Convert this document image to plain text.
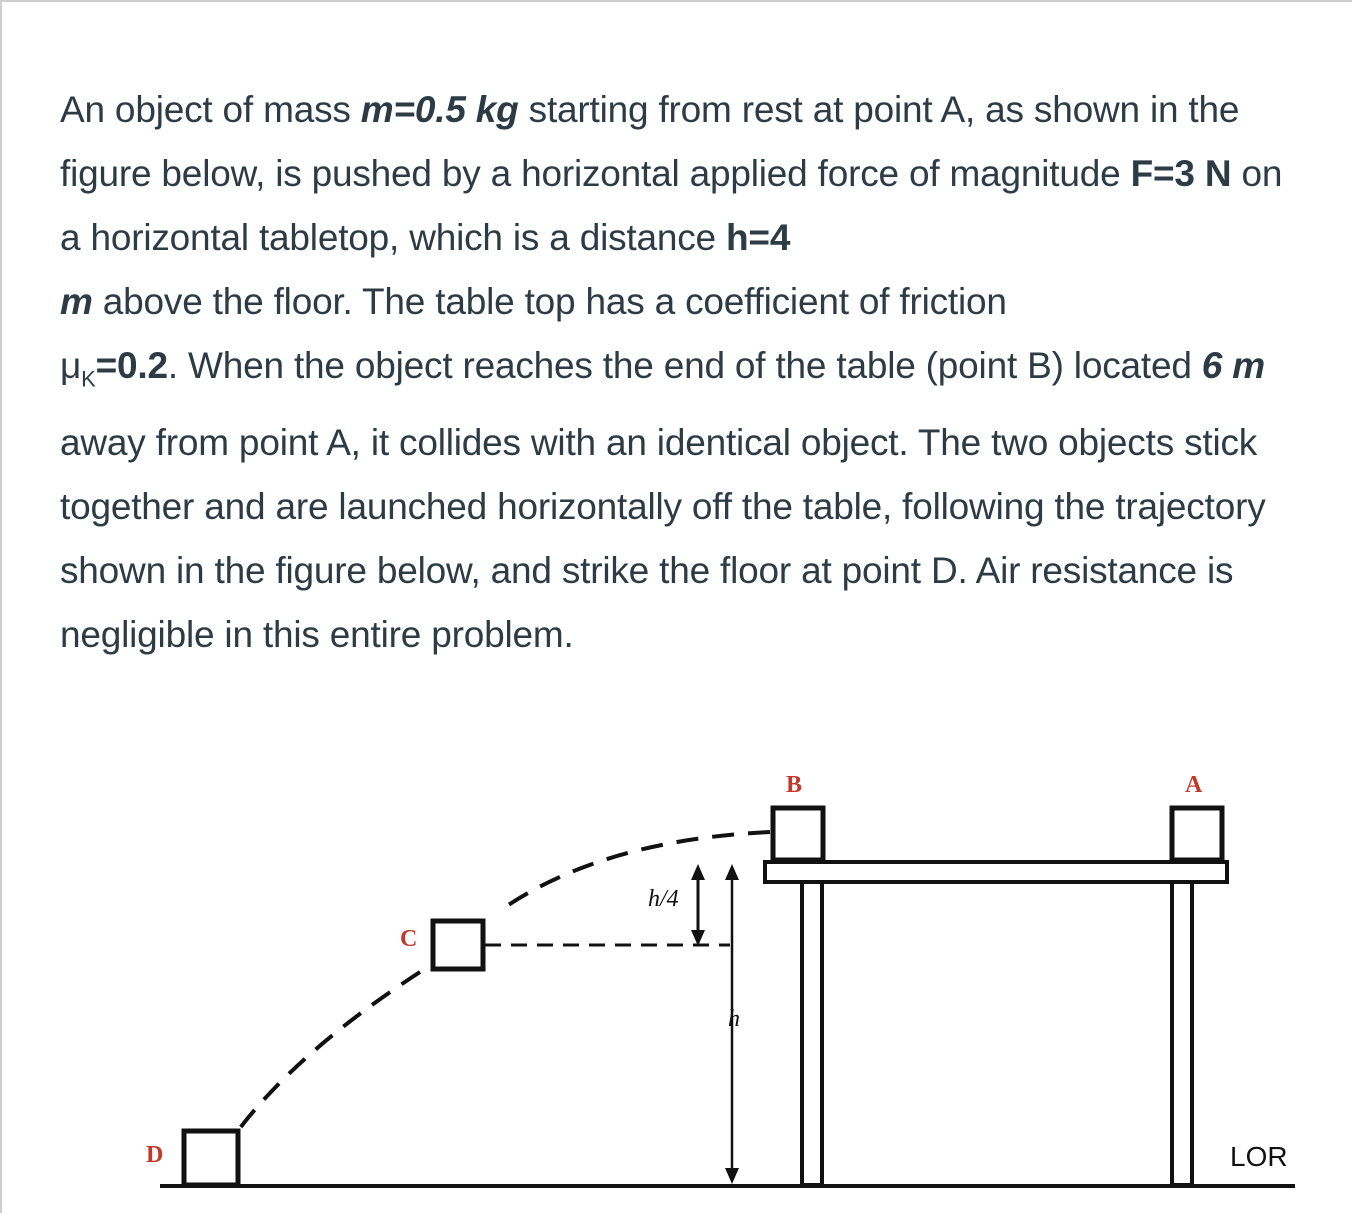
An object of mass m=0.5 kg starting from rest at point A, as shown in the figure below, is pushed by a horizontal applied force of magnitude F=3 N on a horizontal tabletop, which is a distance h=4
m above the floor. The table top has a coefficient of friction
$\mu_K=0.2$. When the object reaches the end of the table (point B) located 6 m away from point A, it collides with an identical object. The two objects stick together and are launched horizontally off the table, following the trajectory shown in the figure below, and strike the floor at point D. Air resistance is negligible in this entire problem.

A
B
C
D
h/4
h
LOR
